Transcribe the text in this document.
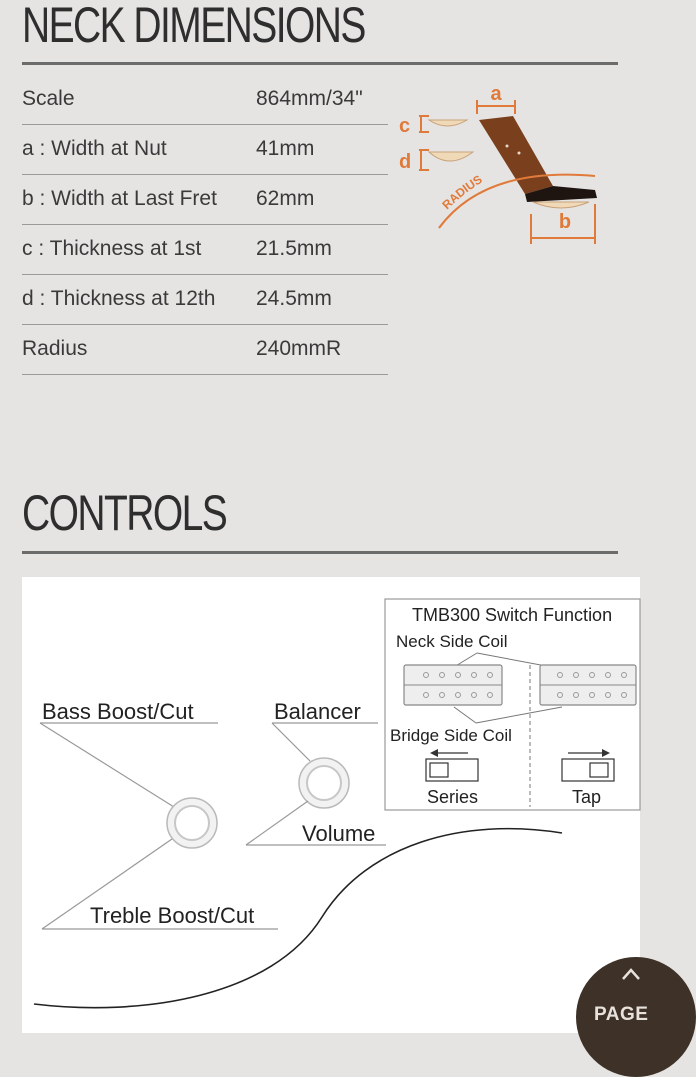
NECK DIMENSIONS
Scale	864mm/34"
a : Width at Nut	41mm
b : Width at Last Fret 62mm
c : Thickness at 1st	21.5mm
d : Thickness at 12th 24.5mm
Radius	240mmR
a
c
d
RADIUS
b
CONTROLS
Bass Boost/Cut
Treble Boost/Cut
Balancer
Volume
TMB300 Switch Function
Neck Side Coil
Bridge Side Coil
Series	Tap
PAGE
